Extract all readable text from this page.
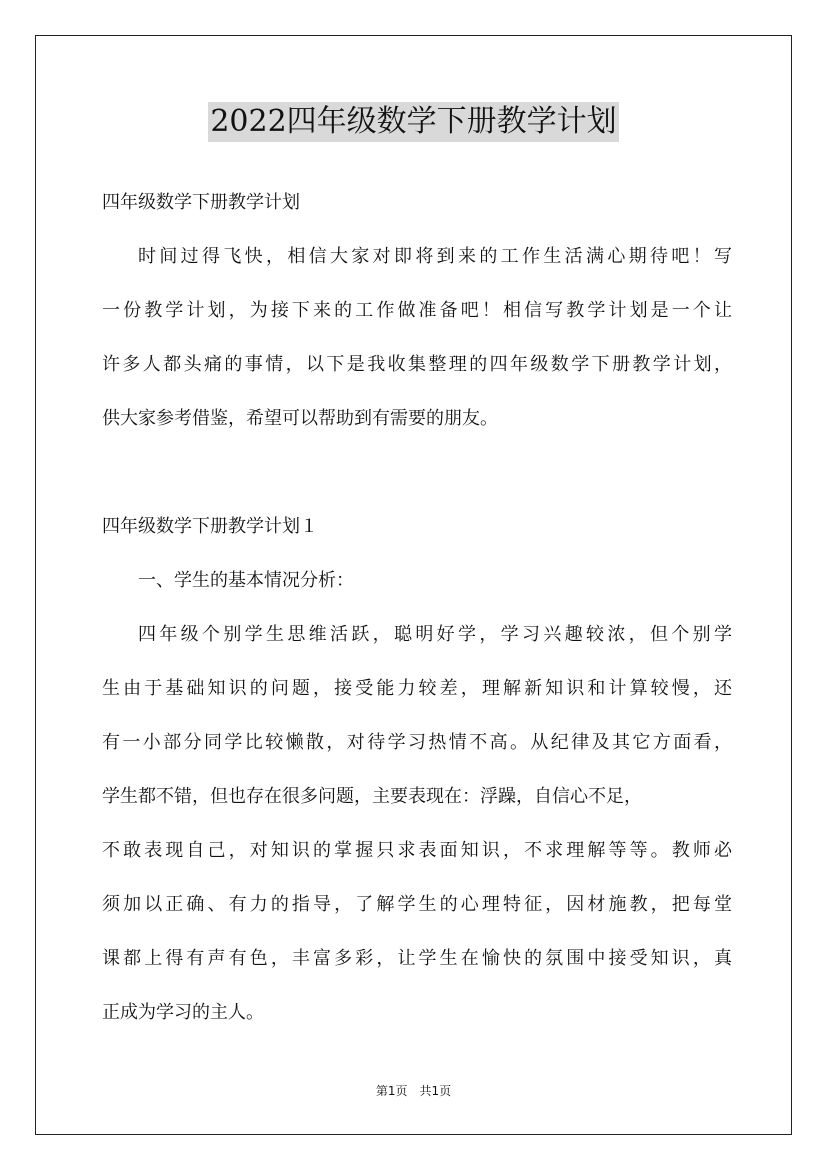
2022四年级数学下册教学计划
四年级数学下册教学计划
时间过得飞快，相信大家对即将到来的工作生活满心期待吧！写
一份教学计划，为接下来的工作做准备吧！相信写教学计划是一个让
许多人都头痛的事情，以下是我收集整理的四年级数学下册教学计划，
供大家参考借鉴，希望可以帮助到有需要的朋友。
四年级数学下册教学计划１
一、学生的基本情况分析：
四年级个别学生思维活跃，聪明好学，学习兴趣较浓，但个别学
生由于基础知识的问题，接受能力较差，理解新知识和计算较慢，还
有一小部分同学比较懒散，对待学习热情不高。从纪律及其它方面看，
学生都不错，但也存在很多问题，主要表现在：浮躁，自信心不足，
不敢表现自己，对知识的掌握只求表面知识，不求理解等等。教师必
须加以正确、有力的指导，了解学生的心理特征，因材施教，把每堂
课都上得有声有色，丰富多彩，让学生在愉快的氛围中接受知识，真
正成为学习的主人。
第1页　共1页
